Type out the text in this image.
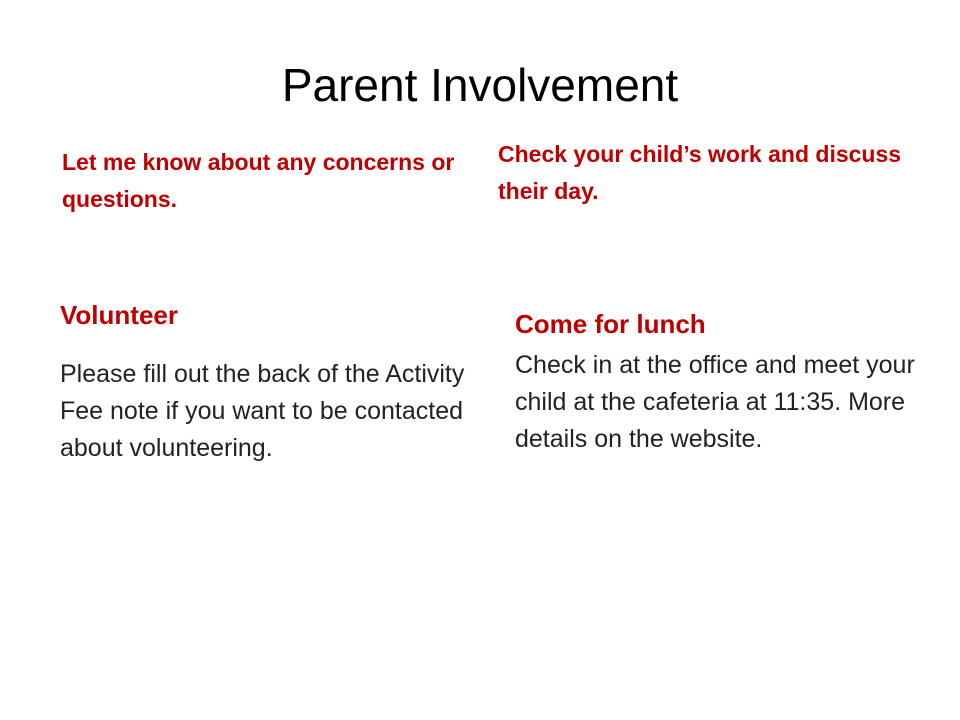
Parent Involvement

Let me know about any concerns or questions.

Check your child’s work and discuss their day.

Volunteer

Please fill out the back of the Activity Fee note if you want to be contacted about volunteering.

Come for lunch

Check in at the office and meet your child at the cafeteria at 11:35. More details on the website.
